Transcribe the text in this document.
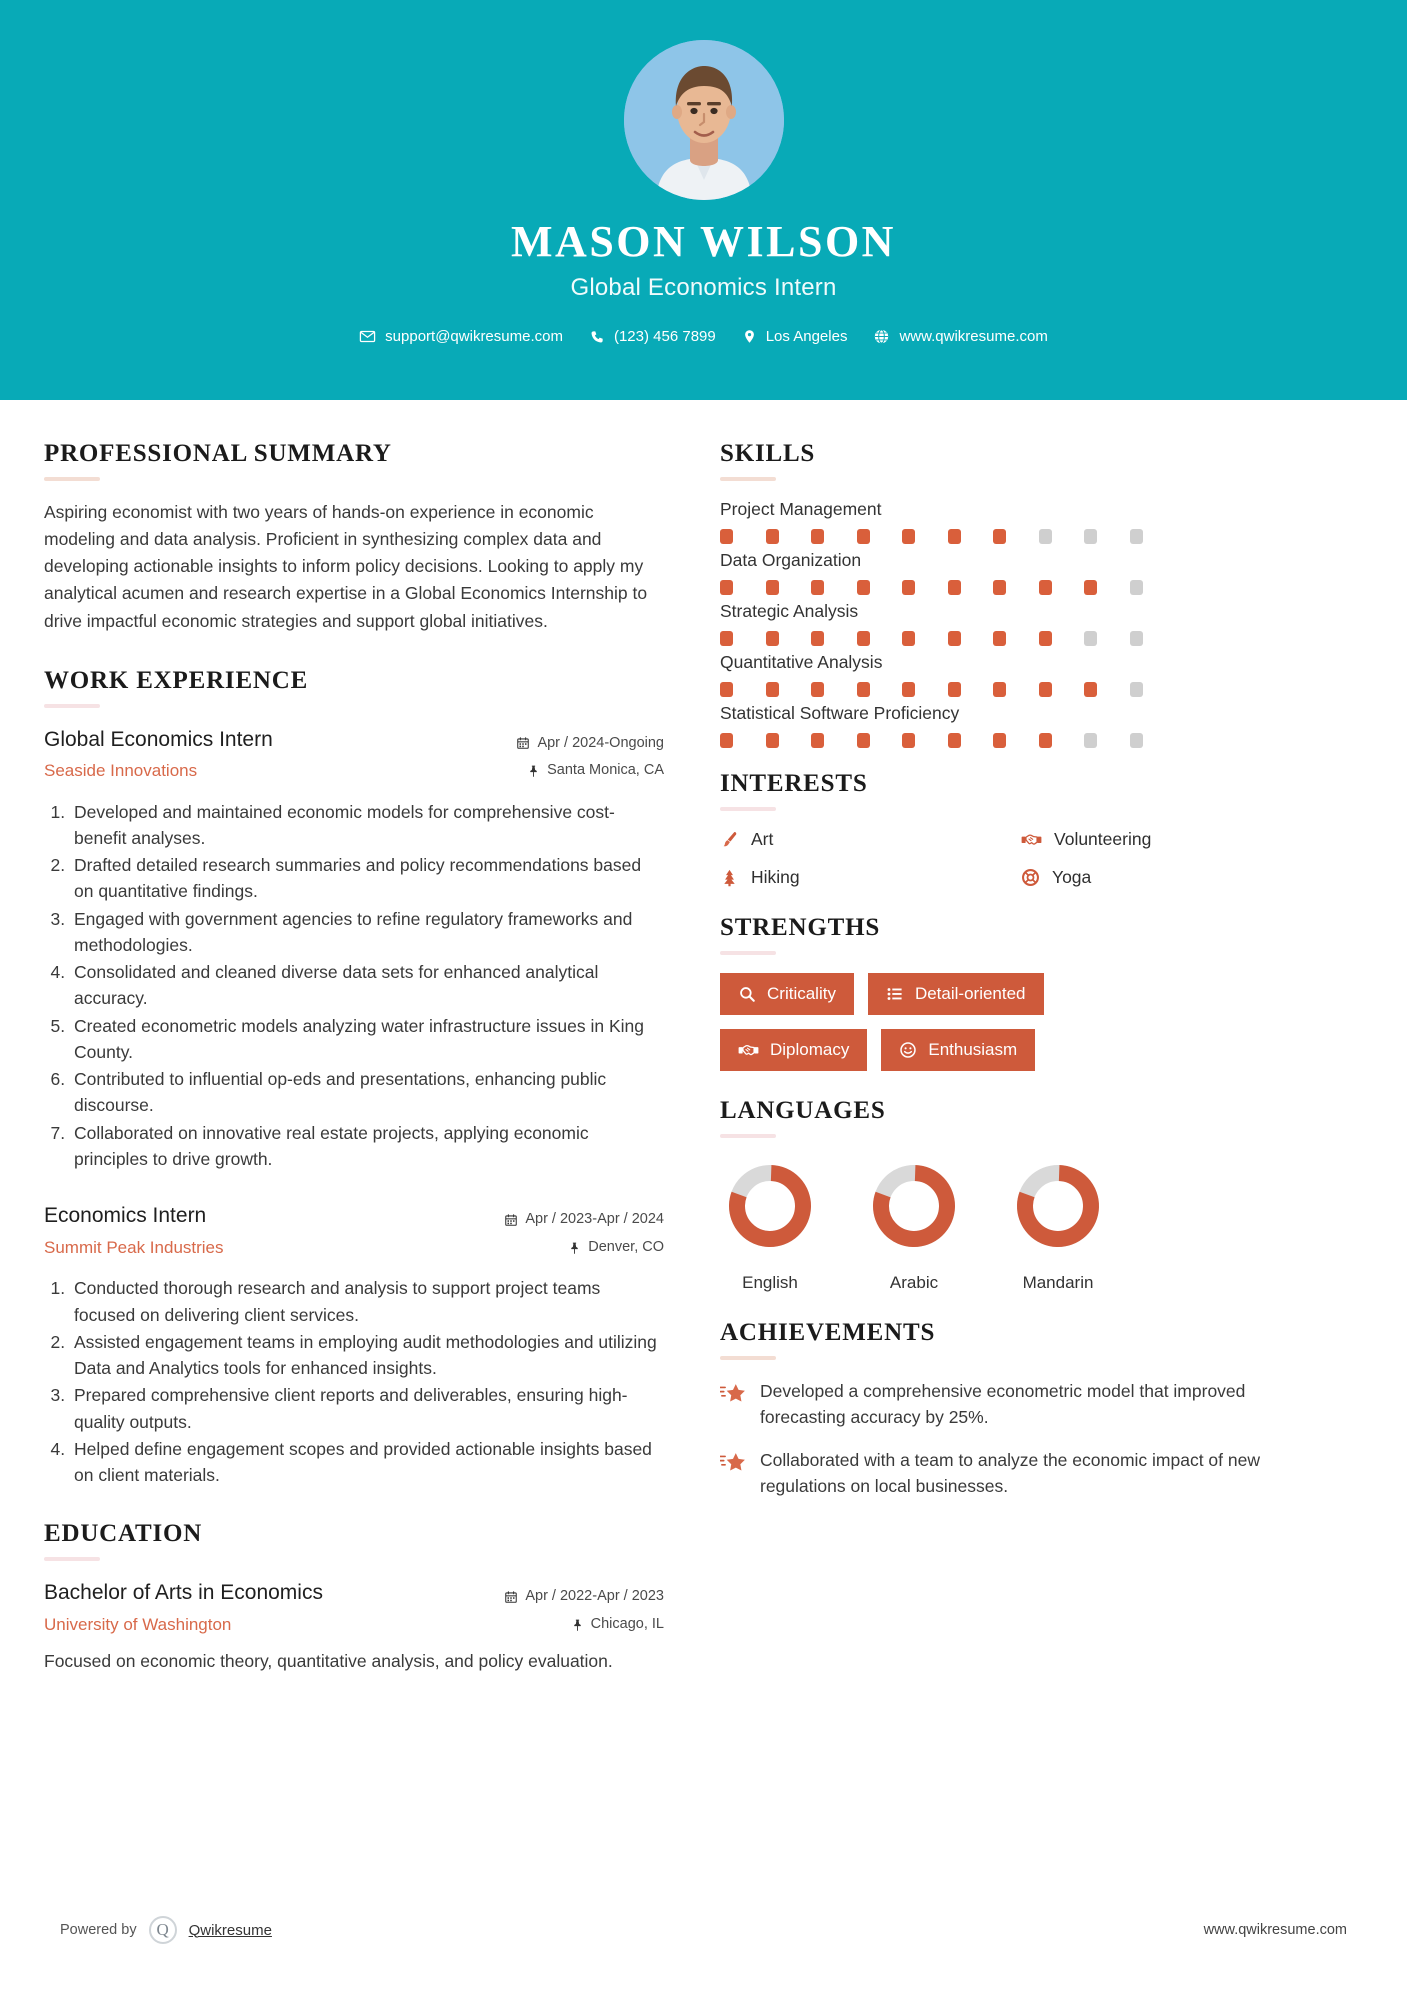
MASON WILSON
Global Economics Intern
support@qwikresume.com	(123) 456 7899	Los Angeles	www.qwikresume.com
PROFESSIONAL SUMMARY
Aspiring economist with two years of hands-on experience in economic modeling and data analysis. Proficient in synthesizing complex data and developing actionable insights to inform policy decisions. Looking to apply my analytical acumen and research expertise in a Global Economics Internship to drive impactful economic strategies and support global initiatives.
WORK EXPERIENCE
Global Economics Intern
Seaside Innovations
Apr / 2024-Ongoing
Santa Monica, CA
1. Developed and maintained economic models for comprehensive cost-benefit analyses.
2. Drafted detailed research summaries and policy recommendations based on quantitative findings.
3. Engaged with government agencies to refine regulatory frameworks and methodologies.
4. Consolidated and cleaned diverse data sets for enhanced analytical accuracy.
5. Created econometric models analyzing water infrastructure issues in King County.
6. Contributed to influential op-eds and presentations, enhancing public discourse.
7. Collaborated on innovative real estate projects, applying economic principles to drive growth.
Economics Intern
Summit Peak Industries
Apr / 2023-Apr / 2024
Denver, CO
1. Conducted thorough research and analysis to support project teams focused on delivering client services.
2. Assisted engagement teams in employing audit methodologies and utilizing Data and Analytics tools for enhanced insights.
3. Prepared comprehensive client reports and deliverables, ensuring high-quality outputs.
4. Helped define engagement scopes and provided actionable insights based on client materials.
EDUCATION
Bachelor of Arts in Economics
University of Washington
Apr / 2022-Apr / 2023
Chicago, IL
Focused on economic theory, quantitative analysis, and policy evaluation.
SKILLS
Project Management
Data Organization
Strategic Analysis
Quantitative Analysis
Statistical Software Proficiency
INTERESTS
Art	Volunteering
Hiking	Yoga
STRENGTHS
Criticality	Detail-oriented
Diplomacy	Enthusiasm
LANGUAGES
English	Arabic	Mandarin
ACHIEVEMENTS
Developed a comprehensive econometric model that improved forecasting accuracy by 25%.
Collaborated with a team to analyze the economic impact of new regulations on local businesses.
Powered by	Q	Qwikresume	www.qwikresume.com
